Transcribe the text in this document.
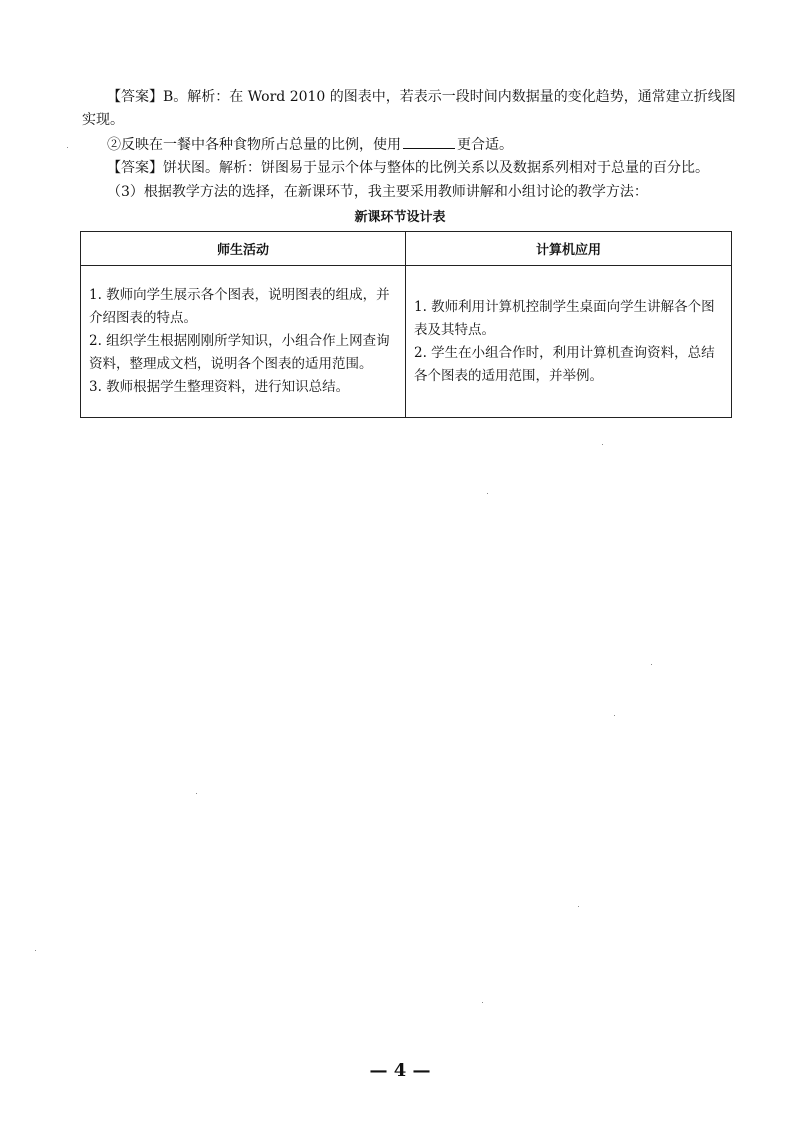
【答案】B。解析：在 Word 2010 的图表中，若表示一段时间内数据量的变化趋势，通常建立折线图
实现。
②反映在一餐中各种食物所占总量的比例，使用	更合适。
【答案】饼状图。解析：饼图易于显示个体与整体的比例关系以及数据系列相对于总量的百分比。
（3）根据教学方法的选择，在新课环节，我主要采用教师讲解和小组讨论的教学方法：
新课环节设计表
师生活动	计算机应用

1. 教师向学生展示各个图表，说明图表的组成，并介绍图表的特点。
2. 组织学生根据刚刚所学知识，小组合作上网查询资料，整理成文档，说明各个图表的适用范围。
3. 教师根据学生整理资料，进行知识总结。	1. 教师利用计算机控制学生桌面向学生讲解各个图表及其特点。
2. 学生在小组合作时，利用计算机查询资料，总结各个图表的适用范围，并举例。
— 4 —
